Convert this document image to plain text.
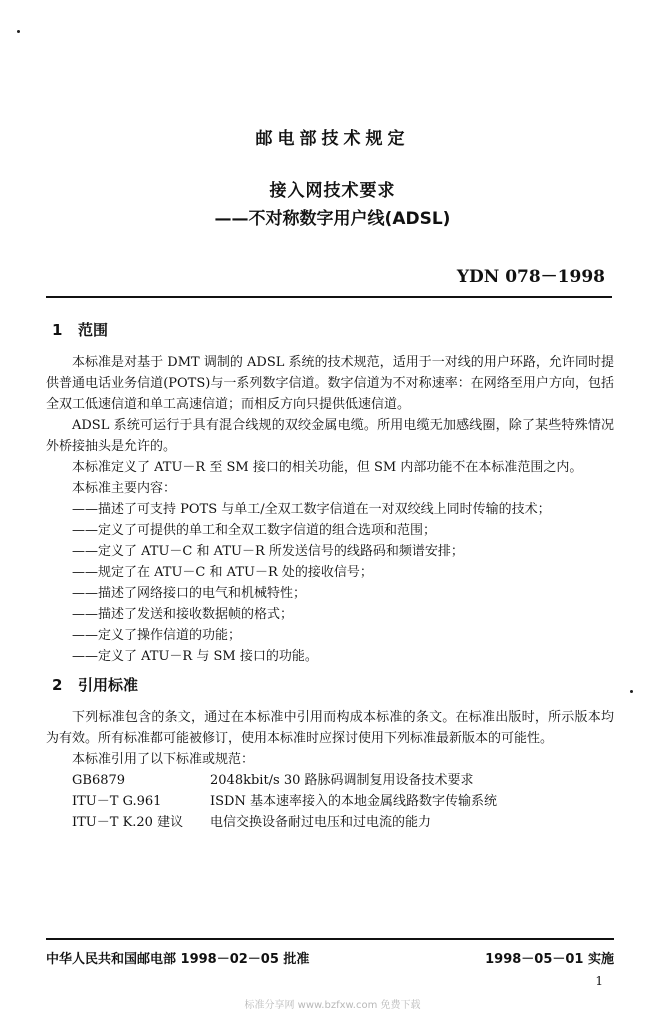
邮电部技术规定
接入网技术要求
——不对称数字用户线(ADSL)
YDN 078－1998
1 范围

本标准是对基于 DMT 调制的 ADSL 系统的技术规范，适用于一对线的用户环路，允许同时提供普通电话业务信道(POTS)与一系列数字信道。数字信道为不对称速率：在网络至用户方向，包括全双工低速信道和单工高速信道；而相反方向只提供低速信道。

ADSL 系统可运行于具有混合线规的双绞金属电缆。所用电缆无加感线圈，除了某些特殊情况外桥接抽头是允许的。

本标准定义了 ATU－R 至 SM 接口的相关功能，但 SM 内部功能不在本标准范围之内。

本标准主要内容：

——描述了可支持 POTS 与单工/全双工数字信道在一对双绞线上同时传输的技术；

——定义了可提供的单工和全双工数字信道的组合选项和范围；

——定义了 ATU－C 和 ATU－R 所发送信号的线路码和频谱安排；

——规定了在 ATU－C 和 ATU－R 处的接收信号；

——描述了网络接口的电气和机械特性；

——描述了发送和接收数据帧的格式；

——定义了操作信道的功能；

——定义了 ATU－R 与 SM 接口的功能。

2 引用标准

下列标准包含的条文，通过在本标准中引用而构成本标准的条文。在标准出版时，所示版本均为有效。所有标准都可能被修订，使用本标准时应探讨使用下列标准最新版本的可能性。

本标准引用了以下标准或规范：

GB6879	2048kbit/s 30 路脉码调制复用设备技术要求
ITU－T G.961	ISDN 基本速率接入的本地金属线路数字传输系统
ITU－T K.20 建议	电信交换设备耐过电压和过电流的能力
中华人民共和国邮电部 1998－02－05 批准	1998－05－01 实施
1
标准分享网 www.bzfxw.com 免费下载
